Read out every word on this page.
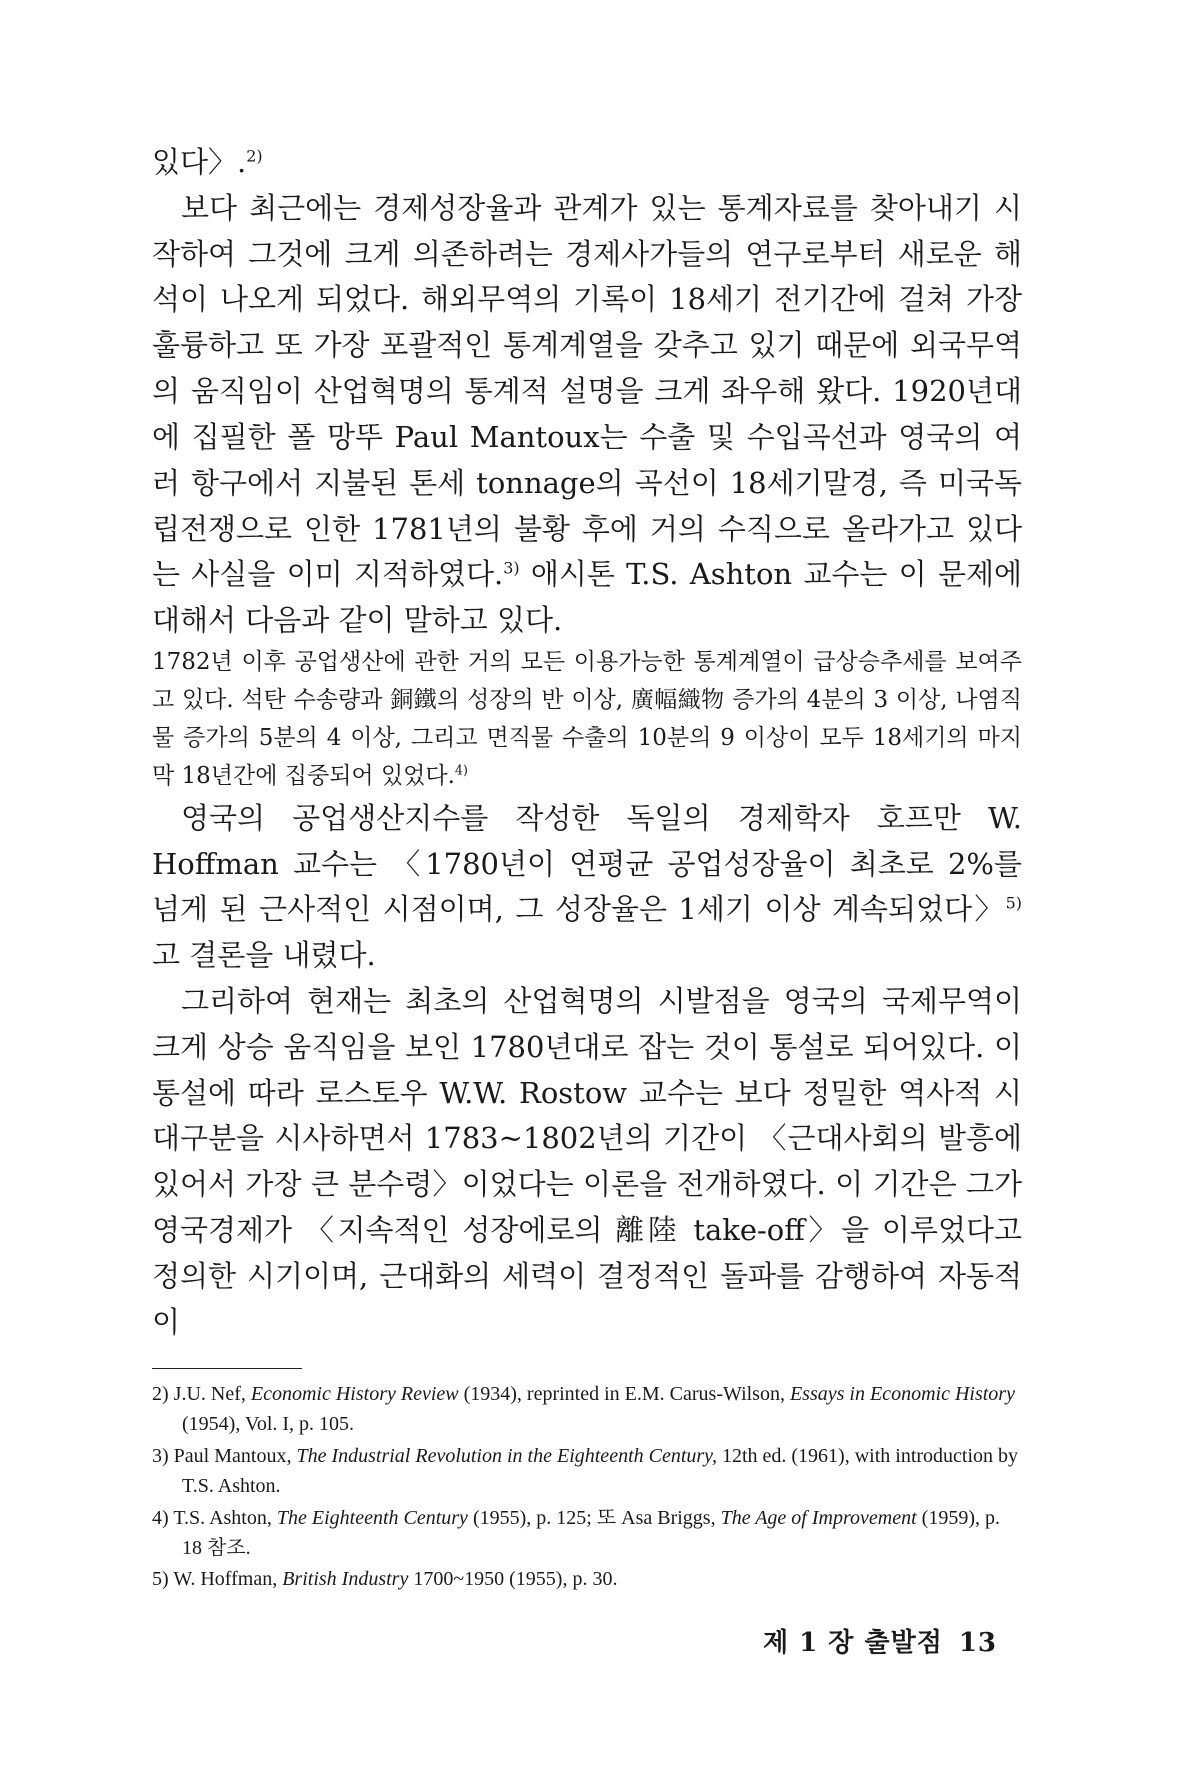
있다〉.$^{2)}$

보다 최근에는 경제성장율과 관계가 있는 통계자료를 찾아내기 시작하여 그것에 크게 의존하려는 경제사가들의 연구로부터 새로운 해석이 나오게 되었다. 해외무역의 기록이 18세기 전기간에 걸쳐 가장 훌륭하고 또 가장 포괄적인 통계계열을 갖추고 있기 때문에 외국무역의 움직임이 산업혁명의 통계적 설명을 크게 좌우해 왔다. 1920년대에 집필한 폴 망뚜 Paul Mantoux는 수출 및 수입곡선과 영국의 여러 항구에서 지불된 톤세 tonnage의 곡선이 18세기말경, 즉 미국독립전쟁으로 인한 1781년의 불황 후에 거의 수직으로 올라가고 있다는 사실을 이미 지적하였다.$^{3)}$ 애시톤 T.S. Ashton 교수는 이 문제에 대해서 다음과 같이 말하고 있다.

1782년 이후 공업생산에 관한 거의 모든 이용가능한 통계계열이 급상승추세를 보여주고 있다. 석탄 수송량과 銅鐵의 성장의 반 이상, 廣幅織物 증가의 4분의 3 이상, 나염직물 증가의 5분의 4 이상, 그리고 면직물 수출의 10분의 9 이상이 모두 18세기의 마지막 18년간에 집중되어 있었다.$^{4)}$

영국의 공업생산지수를 작성한 독일의 경제학자 호프만 W. Hoffman 교수는 〈1780년이 연평균 공업성장율이 최초로 2%를 넘게 된 근사적인 시점이며, 그 성장율은 1세기 이상 계속되었다〉$^{5)}$고 결론을 내렸다.

그리하여 현재는 최초의 산업혁명의 시발점을 영국의 국제무역이 크게 상승 움직임을 보인 1780년대로 잡는 것이 통설로 되어있다. 이 통설에 따라 로스토우 W.W. Rostow 교수는 보다 정밀한 역사적 시대구분을 시사하면서 1783~1802년의 기간이 〈근대사회의 발흥에 있어서 가장 큰 분수령〉이었다는 이론을 전개하였다. 이 기간은 그가 영국경제가 〈지속적인 성장에로의 離陸 take-off〉을 이루었다고 정의한 시기이며, 근대화의 세력이 결정적인 돌파를 감행하여 자동적이

2) J.U. Nef, Economic History Review (1934), reprinted in E.M. Carus-Wilson, Essays in Economic History (1954), Vol. I, p. 105.

3) Paul Mantoux, The Industrial Revolution in the Eighteenth Century, 12th ed. (1961), with introduction by T.S. Ashton.

4) T.S. Ashton, The Eighteenth Century (1955), p. 125; 또 Asa Briggs, The Age of Improvement (1959), p. 18 참조.

5) W. Hoffman, British Industry 1700~1950 (1955), p. 30.

제 1 장 출발점 13
